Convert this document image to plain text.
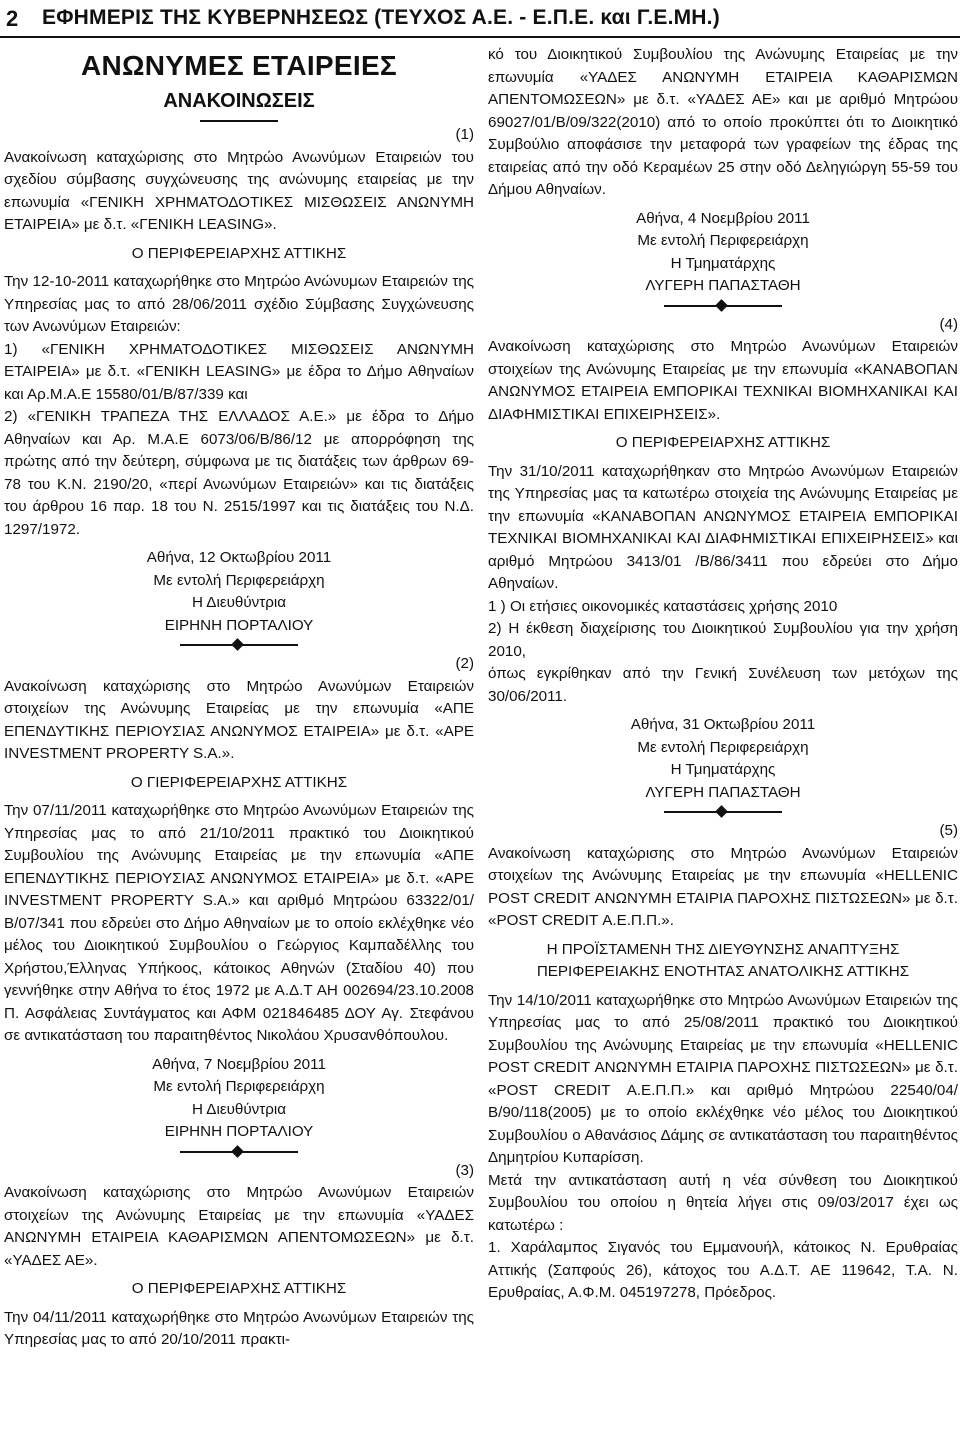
2 ΕΦΗΜΕΡΙΣ ΤΗΣ ΚΥΒΕΡΝΗΣΕΩΣ (ΤΕΥΧΟΣ Α.Ε. - Ε.Π.Ε. και Γ.Ε.ΜΗ.)
ΑΝΩΝΥΜΕΣ ΕΤΑΙΡΕΙΕΣ
ΑΝΑΚΟΙΝΩΣΕΙΣ
(1)

Ανακοίνωση καταχώρισης στο Μητρώο Ανωνύμων Εταιρειών του σχεδίου σύμβασης συγχώνευσης της ανώνυμης εταιρείας με την επωνυμία «ΓΕΝΙΚΗ ΧΡΗΜΑΤΟΔΟΤΙΚΕΣ ΜΙΣΘΩΣΕΙΣ ΑΝΩΝΥΜΗ ΕΤΑΙΡΕΙΑ» με δ.τ. «ΓΕΝΙΚΗ LEASING».

Ο ΠΕΡΙΦΕΡΕΙΑΡΧΗΣ ΑΤΤΙΚΗΣ

Την 12-10-2011 καταχωρήθηκε στο Μητρώο Ανώνυμων Εταιρειών της Υπηρεσίας μας το από 28/06/2011 σχέδιο Σύμβασης Συγχώνευσης των Ανωνύμων Εταιρειών:

1) «ΓΕΝΙΚΗ ΧΡΗΜΑΤΟΔΟΤΙΚΕΣ ΜΙΣΘΩΣΕΙΣ ΑΝΩΝΥΜΗ ΕΤΑΙΡΕΙΑ» με δ.τ. «ΓΕΝΙΚΗ LEASING» με έδρα το Δήμο Αθηναίων και Αρ.Μ.Α.Ε 15580/01/Β/87/339 και

2) «ΓΕΝΙΚΗ ΤΡΑΠΕΖΑ ΤΗΣ ΕΛΛΑΔΟΣ Α.Ε.» με έδρα το Δήμο Αθηναίων και Αρ. Μ.Α.Ε 6073/06/Β/86/12 με απορρόφηση της πρώτης από την δεύτερη, σύμφωνα με τις διατάξεις των άρθρων 69-78 του Κ.Ν. 2190/20, «περί Ανωνύμων Εταιρειών» και τις διατάξεις του άρθρου 16 παρ. 18 του Ν. 2515/1997 και τις διατάξεις του Ν.Δ. 1297/1972.

Αθήνα, 12 Οκτωβρίου 2011

Με εντολή Περιφερειάρχη

Η Διευθύντρια

ΕΙΡΗΝΗ ΠΟΡΤΑΛΙΟΥ

(2)

Ανακοίνωση καταχώρισης στο Μητρώο Ανωνύμων Εταιρειών στοιχείων της Ανώνυμης Εταιρείας με την επωνυμία «ΑΠΕ ΕΠΕΝΔΥΤΙΚΗΣ ΠΕΡΙΟΥΣΙΑΣ ΑΝΩΝΥΜΟΣ ΕΤΑΙΡΕΙΑ» με δ.τ. «APE INVESTMENT PROPERTY S.A.».

Ο ΓΙΕΡΙΦΕΡΕΙΑΡΧΗΣ ΑΤΤΙΚΗΣ

Την 07/11/2011 καταχωρήθηκε στο Μητρώο Ανωνύμων Εταιρειών της Υπηρεσίας μας το από 21/10/2011 πρακτικό του Διοικητικού Συμβουλίου της Ανώνυμης Εταιρείας με την επωνυμία «ΑΠΕ ΕΠΕΝΔΥΤΙΚΗΣ ΠΕΡΙΟΥΣΙΑΣ ΑΝΩΝΥΜΟΣ ΕΤΑΙΡΕΙΑ» με δ.τ. «APE INVESTMENT PROPERTY S.A.» και αριθμό Μητρώου 63322/01/Β/07/341 που εδρεύει στο Δήμο Αθηναίων με το οποίο εκλέχθηκε νέο μέλος του Διοικητικού Συμβουλίου ο Γεώργιος Καμπαδέλλης του Χρήστου,Έλληνας Υπήκοος, κάτοικος Αθηνών (Σταδίου 40) που γεννήθηκε στην Αθήνα το έτος 1972 με Α.Δ.Τ ΑΗ 002694/23.10.2008 Π. Ασφάλειας Συντάγματος και ΑΦΜ 021846485 ΔΟΥ Αγ. Στεφάνου σε αντικατάσταση του παραιτηθέντος Νικολάου Χρυσανθόπουλου.

Αθήνα, 7 Νοεμβρίου 2011

Με εντολή Περιφερειάρχη

Η Διευθύντρια

ΕΙΡΗΝΗ ΠΟΡΤΑΛΙΟΥ

(3)

Ανακοίνωση καταχώρισης στο Μητρώο Ανωνύμων Εταιρειών στοιχείων της Ανώνυμης Εταιρείας με την επωνυμία «ΥΑΔΕΣ ΑΝΩΝΥΜΗ ΕΤΑΙΡΕΙΑ ΚΑΘΑΡΙΣΜΩΝ ΑΠΕΝΤΟΜΩΣΕΩΝ» με δ.τ. «ΥΑΔΕΣ ΑΕ».

Ο ΠΕΡΙΦΕΡΕΙΑΡΧΗΣ ΑΤΤΙΚΗΣ

Την 04/11/2011 καταχωρήθηκε στο Μητρώο Ανωνύμων Εταιρειών της Υπηρεσίας μας το από 20/10/2011 πρακτι-

κό του Διοικητικού Συμβουλίου της Ανώνυμης Εταιρείας με την επωνυμία «ΥΑΔΕΣ ΑΝΩΝΥΜΗ ΕΤΑΙΡΕΙΑ ΚΑΘΑΡΙΣΜΩΝ ΑΠΕΝΤΟΜΩΣΕΩΝ» με δ.τ. «ΥΑΔΕΣ ΑΕ» και με αριθμό Μητρώου 69027/01/Β/09/322(2010) από το οποίο προκύπτει ότι το Διοικητικό Συμβούλιο αποφάσισε την μεταφορά των γραφείων της έδρας της εταιρείας από την οδό Κεραμέων 25 στην οδό Δεληγιώργη 55-59 του Δήμου Αθηναίων.

Αθήνα, 4 Νοεμβρίου 2011

Με εντολή Περιφερειάρχη

Η Τμηματάρχης

ΛΥΓΕΡΗ ΠΑΠΑΣΤΑΘΗ

(4)

Ανακοίνωση καταχώρισης στο Μητρώο Ανωνύμων Εταιρειών στοιχείων της Ανώνυμης Εταιρείας με την επωνυμία «ΚΑΝΑΒΟΠΑΝ ΑΝΩΝΥΜΟΣ ΕΤΑΙΡΕΙΑ ΕΜΠΟΡΙΚΑΙ ΤΕΧΝΙΚΑΙ ΒΙΟΜΗΧΑΝΙΚΑΙ ΚΑΙ ΔΙΑΦΗΜΙΣΤΙΚΑΙ ΕΠΙΧΕΙΡΗΣΕΙΣ».

Ο ΠΕΡΙΦΕΡΕΙΑΡΧΗΣ ΑΤΤΙΚΗΣ

Την 31/10/2011 καταχωρήθηκαν στο Μητρώο Ανωνύμων Εταιρειών της Υπηρεσίας μας τα κατωτέρω στοιχεία της Ανώνυμης Εταιρείας με την επωνυμία «ΚΑΝΑΒΟΠΑΝ ΑΝΩΝΥΜΟΣ ΕΤΑΙΡΕΙΑ ΕΜΠΟΡΙΚΑΙ ΤΕΧΝΙΚΑΙ ΒΙΟΜΗΧΑΝΙΚΑΙ ΚΑΙ ΔΙΑΦΗΜΙΣΤΙΚΑΙ ΕΠΙΧΕΙΡΗΣΕΙΣ» και αριθμό Μητρώου 3413/01 /Β/86/3411 που εδρεύει στο Δήμο Αθηναίων.

1 ) Οι ετήσιες οικονομικές καταστάσεις χρήσης 2010

2) Η έκθεση διαχείρισης του Διοικητικού Συμβουλίου για την χρήση 2010,

όπως εγκρίθηκαν από την Γενική Συνέλευση των μετόχων της 30/06/2011.

Αθήνα, 31 Οκτωβρίου 2011

Με εντολή Περιφερειάρχη

Η Τμηματάρχης

ΛΥΓΕΡΗ ΠΑΠΑΣΤΑΘΗ

(5)

Ανακοίνωση καταχώρισης στο Μητρώο Ανωνύμων Εταιρειών στοιχείων της Ανώνυμης Εταιρείας με την επωνυμία «HELLENIC POST CREDIT ΑΝΩΝΥΜΗ ΕΤΑΙΡΙΑ ΠΑΡΟΧΗΣ ΠΙΣΤΩΣΕΩΝ» με δ.τ. «POST CREDIT Α.Ε.Π.Π.».

Η ΠΡΟΪΣΤΑΜΕΝΗ ΤΗΣ ΔΙΕΥΘΥΝΣΗΣ ΑΝΑΠΤΥΞΗΣ

ΠΕΡΙΦΕΡΕΙΑΚΗΣ ΕΝΟΤΗΤΑΣ ΑΝΑΤΟΛΙΚΗΣ ΑΤΤΙΚΗΣ

Την 14/10/2011 καταχωρήθηκε στο Μητρώο Ανωνύμων Εταιρειών της Υπηρεσίας μας το από 25/08/2011 πρακτικό του Διοικητικού Συμβουλίου της Ανώνυμης Εταιρείας με την επωνυμία «HELLENIC POST CREDIT ΑΝΩΝΥΜΗ ΕΤΑΙΡΙΑ ΠΑΡΟΧΗΣ ΠΙΣΤΩΣΕΩΝ» με δ.τ. «POST CREDIT Α.Ε.Π.Π.» και αριθμό Μητρώου 22540/04/Β/90/118(2005) με το οποίο εκλέχθηκε νέο μέλος του Διοικητικού Συμβουλίου ο Αθανάσιος Δάμης σε αντικατάσταση του παραιτηθέντος Δημητρίου Κυπαρίσση.

Μετά την αντικατάσταση αυτή η νέα σύνθεση του Διοικητικού Συμβουλίου του οποίου η θητεία λήγει στις 09/03/2017 έχει ως κατωτέρω :

1. Χαράλαμπος Σιγανός του Εμμανουήλ, κάτοικος Ν. Ερυθραίας Αττικής (Σαπφούς 26), κάτοχος του Α.Δ.Τ. ΑΕ 119642, Τ.Α. Ν. Ερυθραίας, Α.Φ.Μ. 045197278, Πρόεδρος.
